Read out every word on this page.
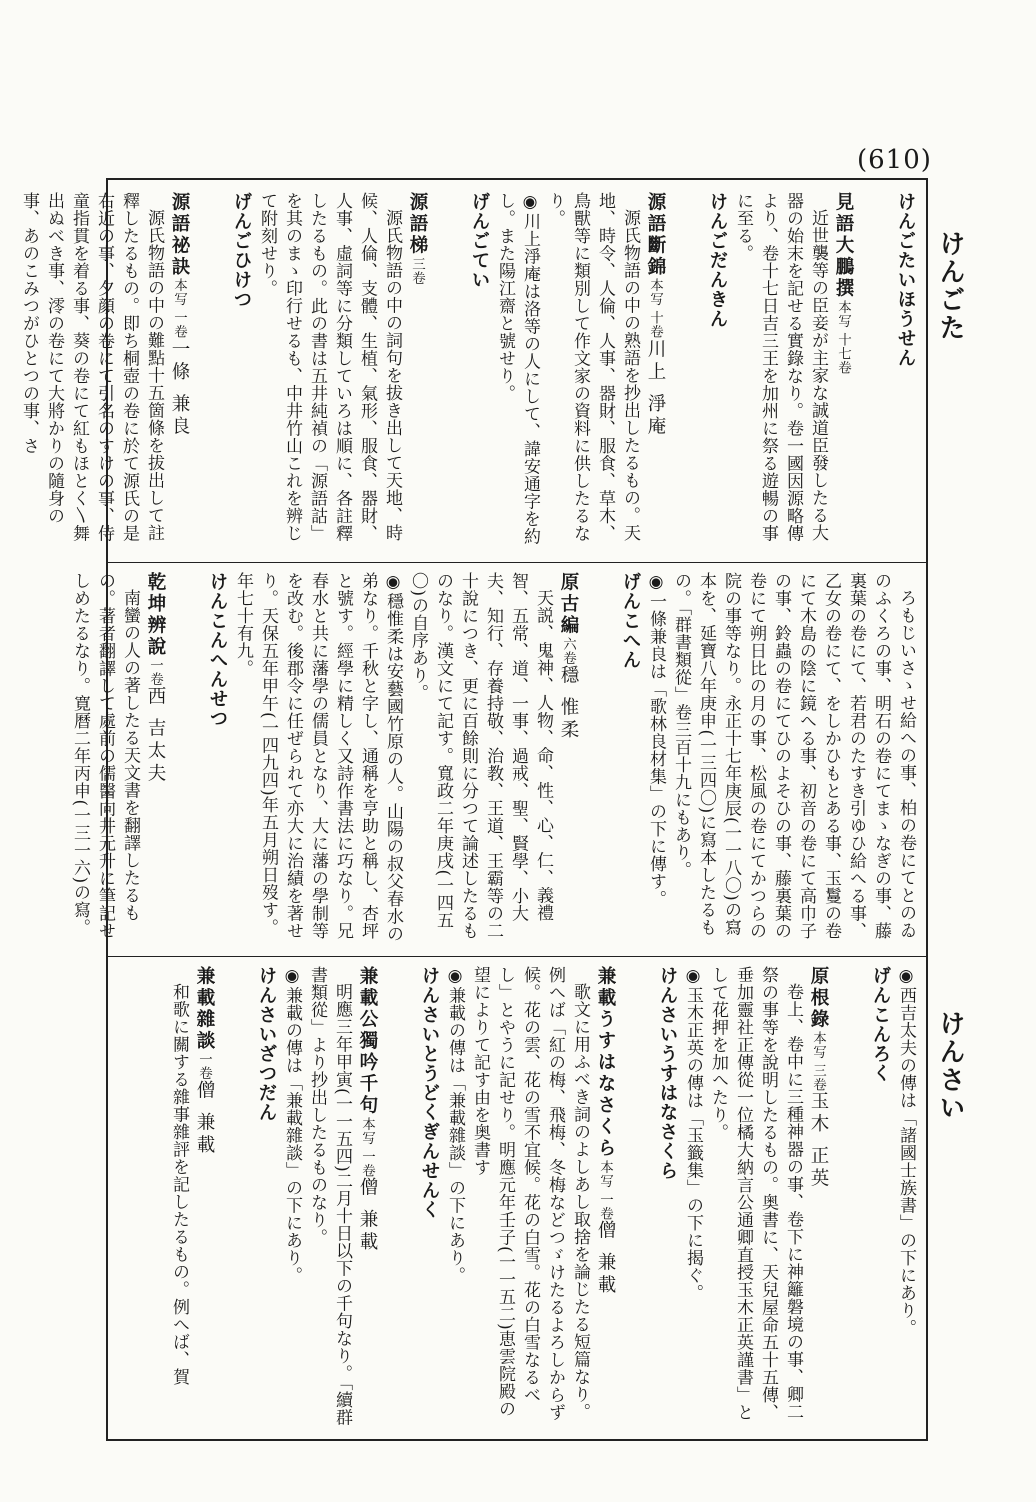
(610)
けんごた
けんさい
けんごたいほうせん
見語大鵬撰本写 十七卷
近世襲等の臣妾が主家な誠道臣發したる大器の始末を記せる實錄なり。卷一國因源略傳より、卷十七日吉三王を加州に祭る遊暢の事に至る。
けんごだんきん
源語斷錦本写 十卷川上 淨庵
源氏物語の中の熟語を抄出したるもの。天地、時令、人倫、人事、器財、服食、草木、鳥獸等に類別して作文家の資料に供したるなり。
◉川上淨庵は洛等の人にして、諱安通字を約し。また陽江齋と號せり。
げんごてい
源語梯三卷
源氏物語の中の詞句を拔き出して天地、時候、人倫、支體、生植、氣形、服食、器財、人事、虛詞等に分類していろは順に、各註釋したるもの。此の書は五井純禎の「源語詁」を其のまゝ印行せるも、中井竹山これを辨じて附刻せり。
げんごひけつ
源語祕訣本写 一卷一條 兼良
源氏物語の中の難點十五箇條を拔出して註釋したるもの。即ち桐壺の卷に於て源氏の是右近の事、夕顔の卷にて引名のすけの事、侍童指貫を着る事、葵の卷にて紅もほとく〵舞出ぬべき事、澪の卷にて大將かりの隨身の事、あのこみつがひとつの事、さ
ろもじいさゝせ給への事、柏の卷にてとのゐのふくろの事、明石の卷にてまゝなぎの事、藤裏葉の卷にて、若君のたすき引ゆひ給へる事、乙女の卷にて、をしかひもとある事、玉鬘の卷にて木島の陰に鏡へる事、初音の卷にて高巾子の事、鈴蟲の卷にてひのよそひの事、藤裏葉の卷にて朔日比の月の事、松風の卷にてかつらの院の事等なり。永正十七年庚辰(一一八〇)の寫本を、延寶八年庚申(一三四〇)に寫本したるもの。「群書類從」卷三百十九にもあり。
◉一條兼良は「歌林良材集」の下に傳す。
げんこへん
原古編六卷穩 惟柔
天説、鬼神、人物、命、性、心、仁、義禮智、五常、道、一事、過戒、聖、賢學、小大夫、知行、存養持敬、治教、王道、王霸等の二十說につき、更に百餘則に分つて論述したるものなり。漢文にて記す。寬政二年庚戌(一四五〇)の自序あり。
◉穩惟柔は安藝國竹原の人。山陽の叔父春水の弟なり。千秋と字し、通稱を亨助と稱し、杏坪と號す。經學に精しく又詩作書法に巧なり。兄春水と共に藩學の儒員となり、大に藩の學制等を改む。後郡令に任ぜられて亦大に治績を著せり。天保五年甲午(一四九四)年五月朔日歿す。年七十有九。
けんこんへんせつ
乾坤辨說一卷西 吉太夫
南蠻の人の著したる天文書を翻譯したるもの。著者翻譯して處前の儒醫向井元升に筆記せしめたるなり。寛曆二年丙申(一三一六)の寫。
◉西吉太夫の傳は「諸國士族書」の下にあり。
げんこんろく
原根錄本写 三卷玉木 正英
卷上、卷中に三種神器の事、卷下に神籬磐境の事、卿二祭の事等を說明したるもの。奥書に、天兒屋命五十五傳、垂加靈社正傳從一位橘大納言公通卿直授玉木正英謹書」として花押を加へたり。
◉玉木正英の傳は「玉籤集」の下に揭ぐ。
けんさいうすはなさくら
兼載うすはなさくら本写 一卷僧 兼載
歌文に用ふべき詞のよしあし取捨を論じたる短篇なり。例へば「紅の梅、飛梅、冬梅などつゞけたるよろしからず候。花の雲、花の雪不宜候。花の白雪。花の白雪なるべし」とやうに記せり。明應元年壬子(一一五二)恵雲院殿の望によりて記す由を奥書す
◉兼載の傳は「兼載雜談」の下にあり。
けんさいとうどくぎんせんく
兼載公獨吟千句本写 一卷僧 兼載
明應三年甲寅(一一五四)二月十日以下の千句なり。「續群書類從」より抄出したるものなり。
◉兼載の傳は「兼載雜談」の下にあり。
けんさいざつだん
兼載雜談一卷僧 兼載
和歌に關する雜事雜評を記したるもの。例へば、賀
